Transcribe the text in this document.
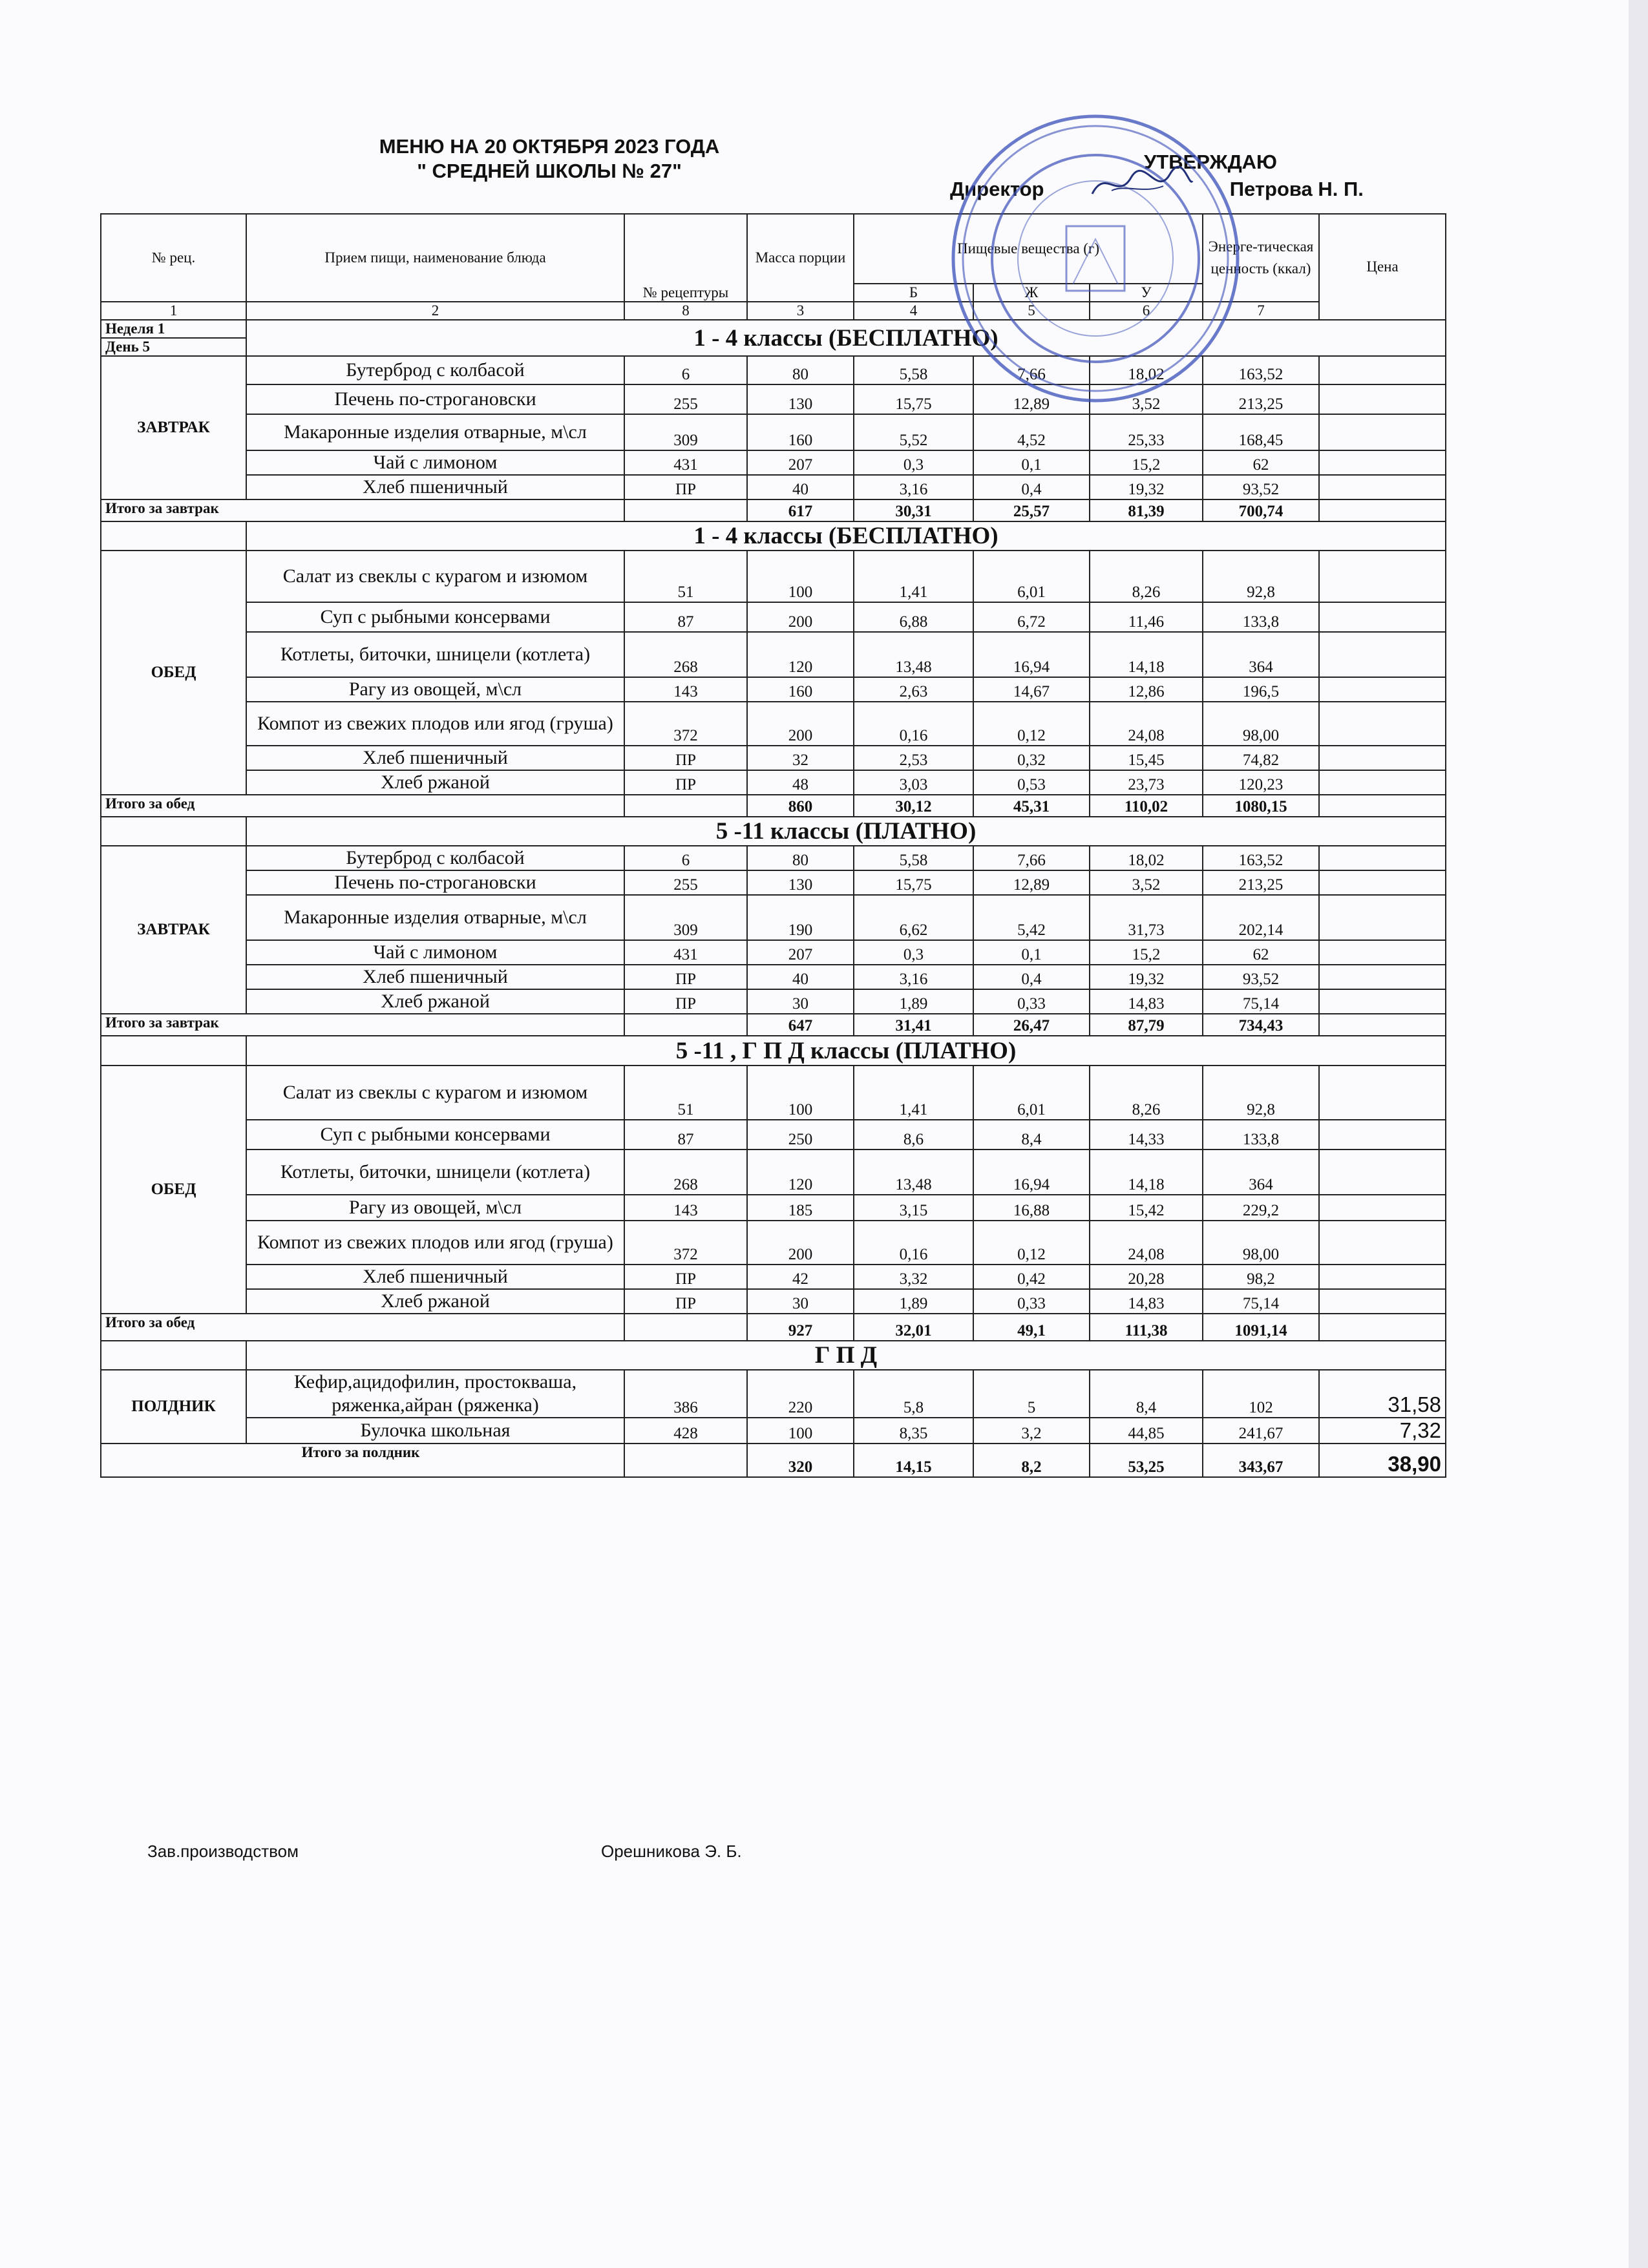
МЕНЮ НА 20 ОКТЯБРЯ 2023 ГОДА
" СРЕДНЕЙ ШКОЛЫ № 27"	УТВЕРЖДАЮ
Директор	Петрова Н. П.
№ рец.	Прием пищи, наименование блюда	№ рецептуры	Масса порции	Пищевые вещества (г)			Энерге-тическая ценность (ккал)	Цена
				Б	Ж	У		
1	2	8	3	4	5	6	7	
Неделя 1	1 - 4 классы (БЕСПЛАТНО)							
День 5								
ЗАВТРАК	Бутерброд с колбасой	6	80	5,58	7,66	18,02	163,52	
	Печень по-строгановски	255	130	15,75	12,89	3,52	213,25	
	Макаронные изделия отварные, м\сл	309	160	5,52	4,52	25,33	168,45	
	Чай с лимоном	431	207	0,3	0,1	15,2	62	
	Хлеб пшеничный	ПР	40	3,16	0,4	19,32	93,52	
Итого за завтрак			617	30,31	25,57	81,39	700,74	
	1 - 4 классы (БЕСПЛАТНО)							
ОБЕД	Салат из свеклы с курагом и изюмом	51	100	1,41	6,01	8,26	92,8	
	Суп с рыбными консервами	87	200	6,88	6,72	11,46	133,8	
	Котлеты, биточки, шницели (котлета)	268	120	13,48	16,94	14,18	364	
	Рагу из овощей, м\сл	143	160	2,63	14,67	12,86	196,5	
	Компот из свежих плодов или ягод (груша)	372	200	0,16	0,12	24,08	98,00	
	Хлеб пшеничный	ПР	32	2,53	0,32	15,45	74,82	
	Хлеб ржаной	ПР	48	3,03	0,53	23,73	120,23	
Итого за обед			860	30,12	45,31	110,02	1080,15	
	5 -11 классы (ПЛАТНО)							
ЗАВТРАК	Бутерброд с колбасой	6	80	5,58	7,66	18,02	163,52	
	Печень по-строгановски	255	130	15,75	12,89	3,52	213,25	
	Макаронные изделия отварные, м\сл	309	190	6,62	5,42	31,73	202,14	
	Чай с лимоном	431	207	0,3	0,1	15,2	62	
	Хлеб пшеничный	ПР	40	3,16	0,4	19,32	93,52	
	Хлеб ржаной	ПР	30	1,89	0,33	14,83	75,14	
Итого за завтрак			647	31,41	26,47	87,79	734,43	
	5 -11 , Г П Д классы (ПЛАТНО)							
ОБЕД	Салат из свеклы с курагом и изюмом	51	100	1,41	6,01	8,26	92,8	
	Суп с рыбными консервами	87	250	8,6	8,4	14,33	133,8	
	Котлеты, биточки, шницели (котлета)	268	120	13,48	16,94	14,18	364	
	Рагу из овощей, м\сл	143	185	3,15	16,88	15,42	229,2	
	Компот из свежих плодов или ягод (груша)	372	200	0,16	0,12	24,08	98,00	
	Хлеб пшеничный	ПР	42	3,32	0,42	20,28	98,2	
	Хлеб ржаной	ПР	30	1,89	0,33	14,83	75,14	
Итого за обед			927	32,01	49,1	111,38	1091,14	
	Г П Д							
ПОЛДНИК	Кефир,ацидофилин, простокваша, ряженка,айран (ряженка)	386	220	5,8	5	8,4	102	31,58
	Булочка школьная	428	100	8,35	3,2	44,85	241,67	7,32
Итого за полдник			320	14,15	8,2	53,25	343,67	38,90
Зав.производством	Орешникова Э. Б.
